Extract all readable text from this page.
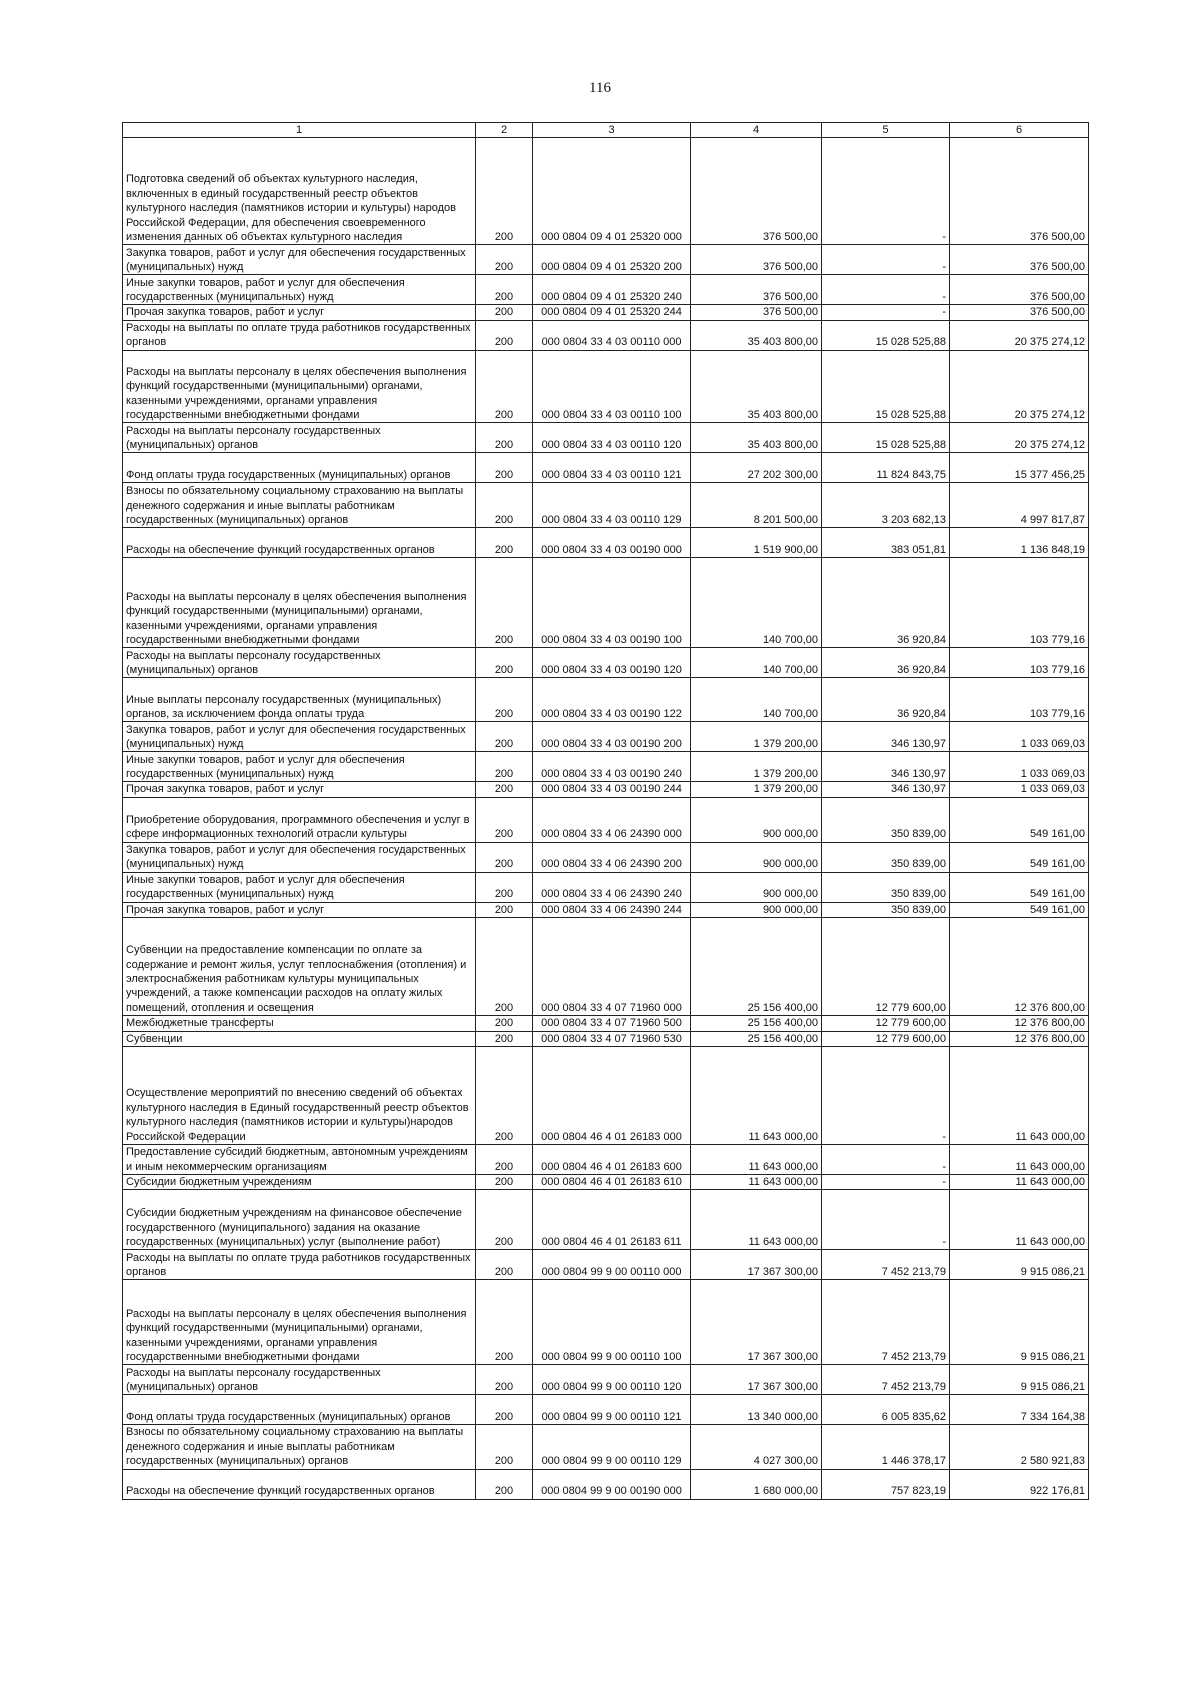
116
1	2	3	4	5	6

Подготовка сведений об объектах культурного наследия, включенных в единый государственный реестр объектов культурного наследия (памятников истории и культуры) народов Российской Федерации, для обеспечения своевременного изменения данных об объектах культурного наследия	200	000 0804 09 4 01 25320 000	376 500,00	-	376 500,00

Закупка товаров, работ и услуг для обеспечения государственных (муниципальных) нужд	200	000 0804 09 4 01 25320 200	376 500,00	-	376 500,00

Иные закупки товаров, работ и услуг для обеспечения государственных (муниципальных) нужд	200	000 0804 09 4 01 25320 240	376 500,00	-	376 500,00

Прочая закупка товаров, работ и услуг	200	000 0804 09 4 01 25320 244	376 500,00	-	376 500,00

Расходы на выплаты по оплате труда работников государственных органов	200	000 0804 33 4 03 00110 000	35 403 800,00	15 028 525,88	20 375 274,12

Расходы на выплаты персоналу в целях обеспечения выполнения функций государственными (муниципальными) органами, казенными учреждениями, органами управления государственными внебюджетными фондами	200	000 0804 33 4 03 00110 100	35 403 800,00	15 028 525,88	20 375 274,12

Расходы на выплаты персоналу государственных (муниципальных) органов	200	000 0804 33 4 03 00110 120	35 403 800,00	15 028 525,88	20 375 274,12

Фонд оплаты труда государственных (муниципальных) органов	200	000 0804 33 4 03 00110 121	27 202 300,00	11 824 843,75	15 377 456,25

Взносы по обязательному социальному страхованию на выплаты денежного содержания и иные выплаты работникам государственных (муниципальных) органов	200	000 0804 33 4 03 00110 129	8 201 500,00	3 203 682,13	4 997 817,87

Расходы на обеспечение функций государственных органов	200	000 0804 33 4 03 00190 000	1 519 900,00	383 051,81	1 136 848,19

Расходы на выплаты персоналу в целях обеспечения выполнения функций государственными (муниципальными) органами, казенными учреждениями, органами управления государственными внебюджетными фондами	200	000 0804 33 4 03 00190 100	140 700,00	36 920,84	103 779,16

Расходы на выплаты персоналу государственных (муниципальных) органов	200	000 0804 33 4 03 00190 120	140 700,00	36 920,84	103 779,16

Иные выплаты персоналу государственных (муниципальных) органов, за исключением фонда оплаты труда	200	000 0804 33 4 03 00190 122	140 700,00	36 920,84	103 779,16

Закупка товаров, работ и услуг для обеспечения государственных (муниципальных) нужд	200	000 0804 33 4 03 00190 200	1 379 200,00	346 130,97	1 033 069,03

Иные закупки товаров, работ и услуг для обеспечения государственных (муниципальных) нужд	200	000 0804 33 4 03 00190 240	1 379 200,00	346 130,97	1 033 069,03

Прочая закупка товаров, работ и услуг	200	000 0804 33 4 03 00190 244	1 379 200,00	346 130,97	1 033 069,03

Приобретение оборудования, программного обеспечения и услуг в сфере информационных технологий отрасли культуры	200	000 0804 33 4 06 24390 000	900 000,00	350 839,00	549 161,00

Закупка товаров, работ и услуг для обеспечения государственных (муниципальных) нужд	200	000 0804 33 4 06 24390 200	900 000,00	350 839,00	549 161,00

Иные закупки товаров, работ и услуг для обеспечения государственных (муниципальных) нужд	200	000 0804 33 4 06 24390 240	900 000,00	350 839,00	549 161,00

Прочая закупка товаров, работ и услуг	200	000 0804 33 4 06 24390 244	900 000,00	350 839,00	549 161,00

Субвенции на предоставление компенсации по оплате за содержание и ремонт жилья, услуг теплоснабжения (отопления) и электроснабжения работникам культуры муниципальных учреждений, а также компенсации расходов на оплату жилых помещений, отопления и освещения	200	000 0804 33 4 07 71960 000	25 156 400,00	12 779 600,00	12 376 800,00

Межбюджетные трансферты	200	000 0804 33 4 07 71960 500	25 156 400,00	12 779 600,00	12 376 800,00

Субвенции	200	000 0804 33 4 07 71960 530	25 156 400,00	12 779 600,00	12 376 800,00

Осуществление мероприятий по внесению сведений об объектах культурного наследия в Единый государственный реестр объектов культурного наследия (памятников истории и культуры)народов Российской Федерации	200	000 0804 46 4 01 26183 000	11 643 000,00	-	11 643 000,00

Предоставление субсидий бюджетным, автономным учреждениям и иным некоммерческим организациям	200	000 0804 46 4 01 26183 600	11 643 000,00	-	11 643 000,00

Субсидии бюджетным учреждениям	200	000 0804 46 4 01 26183 610	11 643 000,00	-	11 643 000,00

Субсидии бюджетным учреждениям на финансовое обеспечение государственного (муниципального) задания на оказание государственных (муниципальных) услуг (выполнение работ)	200	000 0804 46 4 01 26183 611	11 643 000,00	-	11 643 000,00

Расходы на выплаты по оплате труда работников государственных органов	200	000 0804 99 9 00 00110 000	17 367 300,00	7 452 213,79	9 915 086,21

Расходы на выплаты персоналу в целях обеспечения выполнения функций государственными (муниципальными) органами, казенными учреждениями, органами управления государственными внебюджетными фондами	200	000 0804 99 9 00 00110 100	17 367 300,00	7 452 213,79	9 915 086,21

Расходы на выплаты персоналу государственных (муниципальных) органов	200	000 0804 99 9 00 00110 120	17 367 300,00	7 452 213,79	9 915 086,21

Фонд оплаты труда государственных (муниципальных) органов	200	000 0804 99 9 00 00110 121	13 340 000,00	6 005 835,62	7 334 164,38

Взносы по обязательному социальному страхованию на выплаты денежного содержания и иные выплаты работникам государственных (муниципальных) органов	200	000 0804 99 9 00 00110 129	4 027 300,00	1 446 378,17	2 580 921,83

Расходы на обеспечение функций государственных органов	200	000 0804 99 9 00 00190 000	1 680 000,00	757 823,19	922 176,81
